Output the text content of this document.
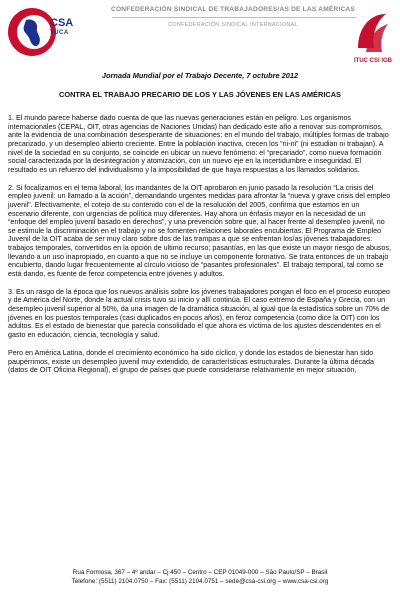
CSA
TUCA
CONFEDERACIÓN SINDICAL DE TRABAJADORES/AS DE LAS AMÉRICAS
CONFEDERACIÓN SINDICAL INTERNACIONAL
ITUC CSI IGB
Jornada Mundial por el Trabajo Decente, 7 octubre 2012
CONTRA EL TRABAJO PRECARIO DE LOS Y LAS JÓVENES EN LAS AMÉRICAS

1. El mundo parece haberse dado cuenta de que las nuevas generaciones están en peligro. Los organismos internacionales (CEPAL, OIT, otras agencias de Naciones Unidas) han dedicado este año a renovar sus compromisos, ante la evidencia de una combinación desesperante de situaciones: en el mundo del trabajo, múltiples formas de trabajo precarizado, y un desempleo abierto creciente. Entre la población inactiva, crecen los “ni-ni” (ni estudian ni trabajan). A nivel de la sociedad en su conjunto, se coincide en ubicar un nuevo fenómeno: el “precariado”, como nueva formación social caracterizada por la desintegración y atomización, con un nuevo eje en la incertidumbre e inseguridad. El resultado es un refuerzo del individualismo y la imposibilidad de que haya respuestas a los llamados solidarios.

2. Si focalizamos en el tema laboral, los mandantes de la OIT aprobaron en junio pasado la resolución “La crisis del empleo juvenil: un llamado a la acción”, demandando urgentes medidas para afrontar la “nueva y grave crisis del empleo juvenil”. Efectivamente, el cotejo de su contenido con el de la resolución del 2005, confirma que estamos en un escenario diferente, con urgencias de política muy diferentes. Hay ahora un énfasis mayor en la necesidad de un “enfoque del empleo juvenil basado en derechos”, y una prevención sobre que, al hacer frente al desempleo juvenil, no se estimule la discriminación en el trabajo y no se fomenten relaciones laborales encubiertas. El Programa de Empleo Juvenil de la OIT acaba de ser muy claro sobre dos de las trampas a que se enfrentan los/as jóvenes trabajadores: trabajos temporales, convertidos en la opción de ultimo recurso; pasantías, en las que existe un mayor riesgo de abusos, llevando a un uso inapropiado, en cuanto a que no se incluye un componente formativo. Se trata entonces de un trabajo encubierto, dando lugar frecuentemente al círculo vicioso de “pasantes profesionales”. El trabajo temporal, tal como se está dando, es fuente de feroz competencia entre jóvenes y adultos.

3. Es un rasgo de la época que los nuevos análisis sobre los jóvenes trabajadores pongan el foco en el proceso europeo y de América del Norte, donde la actual crisis tuvo su inicio y allí continúa. El caso extremo de España y Grecia, con un desempleo juvenil superior al 50%, da una imagen de la dramática situación, al igual que la estadística sobre un 70% de jóvenes en los puestos temporales (casi duplicados en pocos años), en feroz competencia (como dice la OIT) con los adultos. Es el estado de bienestar que parecía consolidado el que ahora es víctima de los ajustes descendentes en el gasto en educación, ciencia, tecnología y salud.

Pero en América Latina, donde el crecimiento económico ha sido cíclico, y donde los estados de bienestar han sido paupérrimos, existe un desempleo juvenil muy extendido, de características estructurales. Durante la última década (datos de OIT Oficina Regional), el grupo de países que puede considerarse relativamente en mejor situación,

Rua Formosa, 367 – 4º andar – Cj 450 – Centro – CEP 01049-000 – São Paulo/SP – Brasil
Telefone: (5511) 2104.0750 – Fax: (5511) 2104.0751 – sede@csa-csi.org – www.csa-csi.org
